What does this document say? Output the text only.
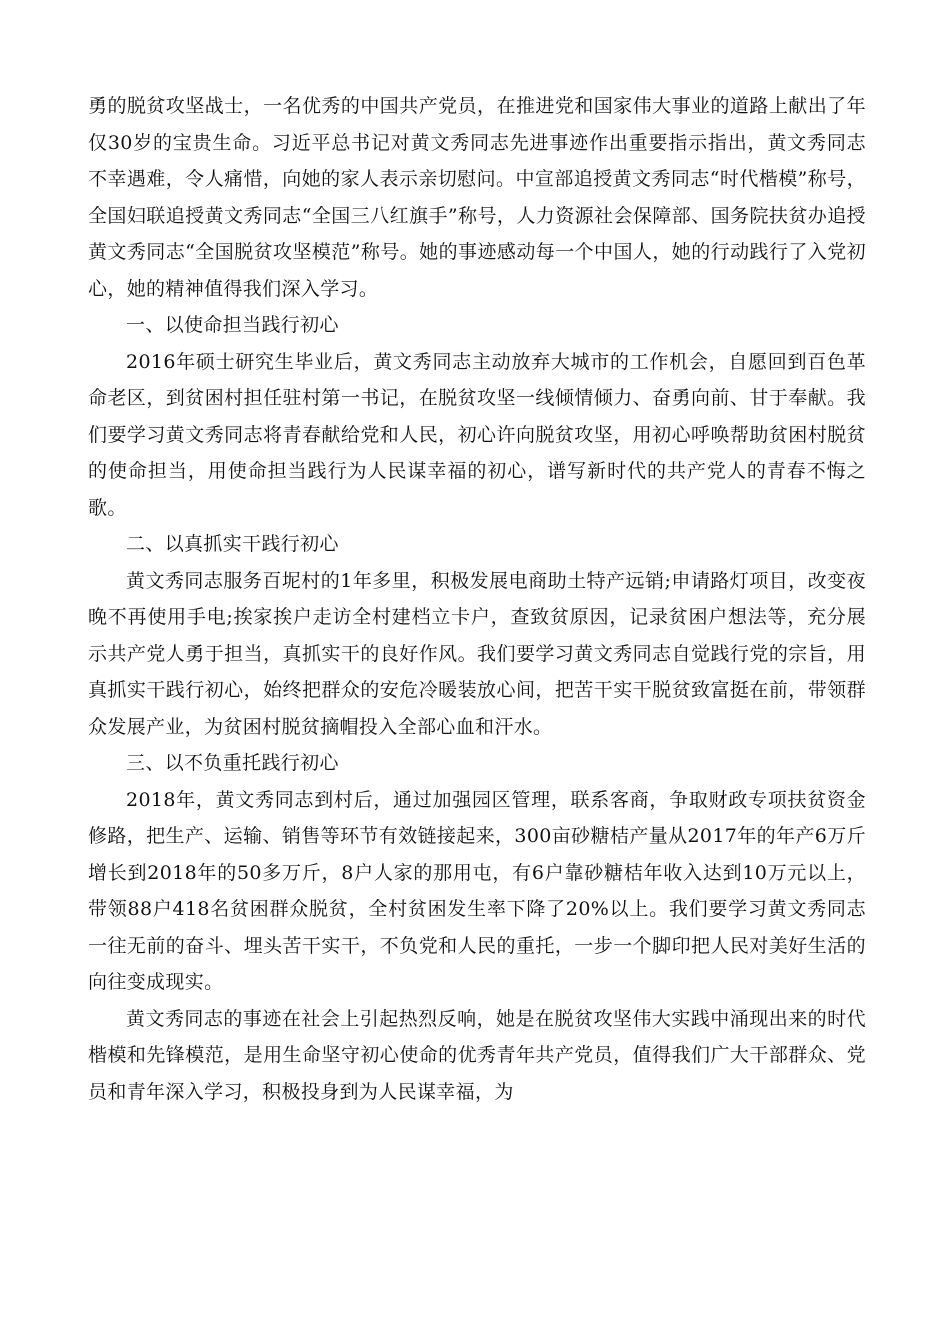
勇的脱贫攻坚战士，一名优秀的中国共产党员，在推进党和国家伟大事业的道路上献出了年仅30岁的宝贵生命。习近平总书记对黄文秀同志先进事迹作出重要指示指出，黄文秀同志不幸遇难，令人痛惜，向她的家人表示亲切慰问。中宣部追授黄文秀同志“时代楷模”称号，全国妇联追授黄文秀同志“全国三八红旗手”称号，人力资源社会保障部、国务院扶贫办追授黄文秀同志“全国脱贫攻坚模范”称号。她的事迹感动每一个中国人，她的行动践行了入党初心，她的精神值得我们深入学习。

一、以使命担当践行初心

2016年硕士研究生毕业后，黄文秀同志主动放弃大城市的工作机会，自愿回到百色革命老区，到贫困村担任驻村第一书记，在脱贫攻坚一线倾情倾力、奋勇向前、甘于奉献。我们要学习黄文秀同志将青春献给党和人民，初心许向脱贫攻坚，用初心呼唤帮助贫困村脱贫的使命担当，用使命担当践行为人民谋幸福的初心，谱写新时代的共产党人的青春不悔之歌。

二、以真抓实干践行初心

黄文秀同志服务百坭村的1年多里，积极发展电商助土特产远销;申请路灯项目，改变夜晚不再使用手电;挨家挨户走访全村建档立卡户，查致贫原因，记录贫困户想法等，充分展示共产党人勇于担当，真抓实干的良好作风。我们要学习黄文秀同志自觉践行党的宗旨，用真抓实干践行初心，始终把群众的安危冷暖装放心间，把苦干实干脱贫致富挺在前，带领群众发展产业，为贫困村脱贫摘帽投入全部心血和汗水。

三、以不负重托践行初心

2018年，黄文秀同志到村后，通过加强园区管理，联系客商，争取财政专项扶贫资金修路，把生产、运输、销售等环节有效链接起来，300亩砂糖桔产量从2017年的年产6万斤增长到2018年的50多万斤，8户人家的那用屯，有6户靠砂糖桔年收入达到10万元以上，带领88户418名贫困群众脱贫，全村贫困发生率下降了20%以上。我们要学习黄文秀同志一往无前的奋斗、埋头苦干实干，不负党和人民的重托，一步一个脚印把人民对美好生活的向往变成现实。

黄文秀同志的事迹在社会上引起热烈反响，她是在脱贫攻坚伟大实践中涌现出来的时代楷模和先锋模范，是用生命坚守初心使命的优秀青年共产党员，值得我们广大干部群众、党员和青年深入学习，积极投身到为人民谋幸福，为
